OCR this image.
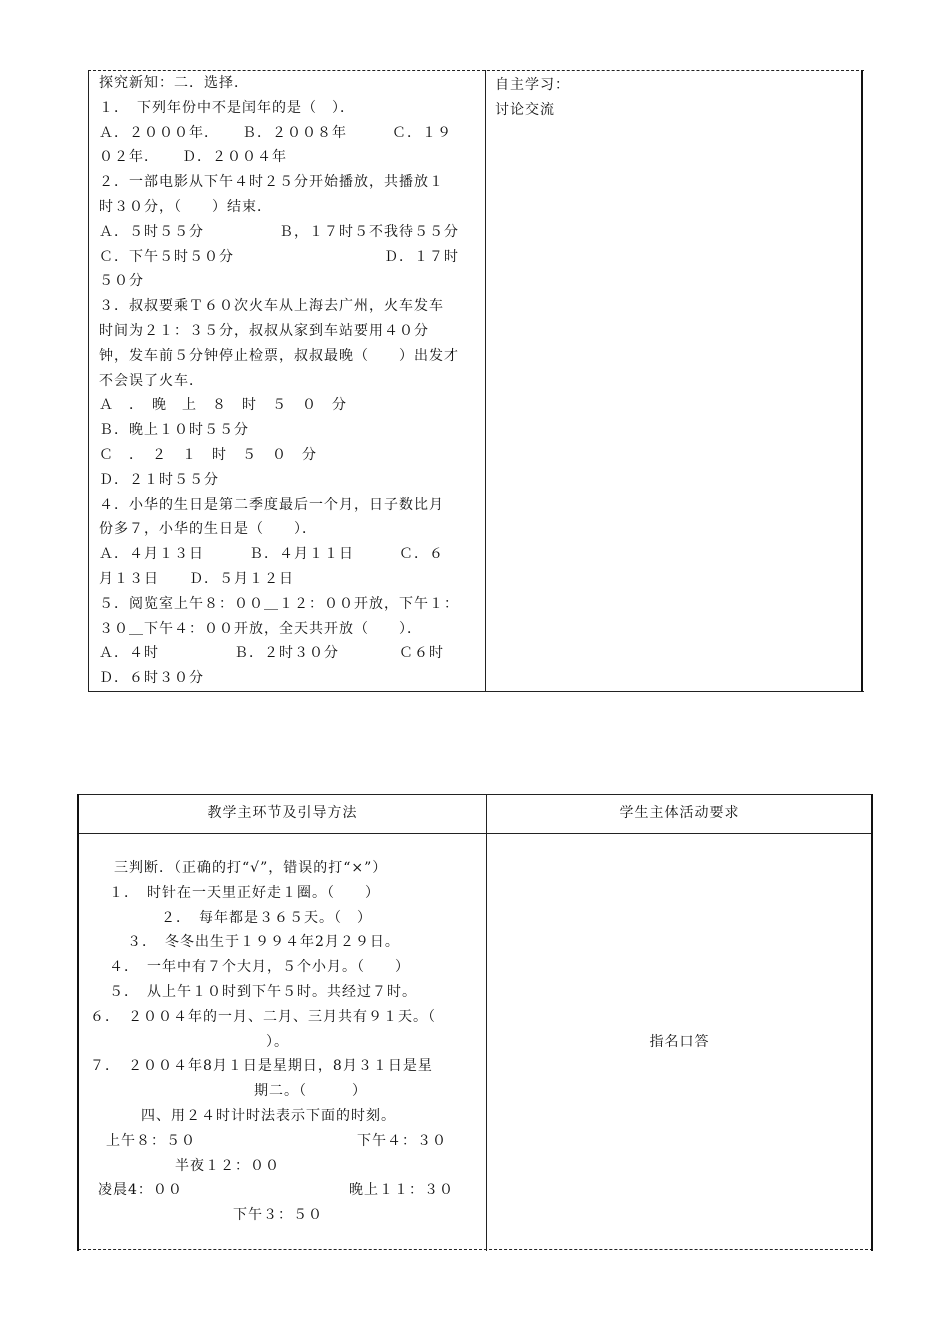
探究新知：二．选择．
１．　下列年份中不是闰年的是（　）．
Ａ．２０００年．　　Ｂ．２００８年　　　Ｃ．１９
０２年．　　Ｄ．２００４年
２．一部电影从下午４时２５分开始播放，共播放１
时３０分，（　　）结束．
Ａ．５时５５分　　　　　Ｂ，１７时５不我待５５分
Ｃ．下午５时５０分　　　　　　　　　　Ｄ．１７时
５０分
３．叔叔要乘Ｔ６０次火车从上海去广州，火车发车
时间为２１：３５分，叔叔从家到车站要用４０分
钟，发车前５分钟停止检票，叔叔最晚（　　）出发才
不会误了火车．
Ａ　．　晚　上　８　时　５　０　分
Ｂ．晚上１０时５５分
Ｃ　．　２　１　时　５　０　分
Ｄ．２１时５５分
４．小华的生日是第二季度最后一个月，日子数比月
份多７，小华的生日是（　　）．
Ａ．４月１３日　　　Ｂ．４月１１日　　　Ｃ．６
月１３日　　Ｄ．５月１２日
５．阅览室上午８：００＿１２：００开放，下午１：
３０＿下午４：００开放，全天共开放（　　）．
Ａ．４时　　　　　Ｂ．２时３０分　　　　Ｃ６时
Ｄ．６时３０分
自主学习：
讨论交流
教学主环节及引导方法	学生主体活动要求
指名口答
三判断．（正确的打“√”，错误的打“×”）
１．　时针在一天里正好走１圈。（　　）
２．　每年都是３６５天。（　）
３．　冬冬出生于１９９４年2月２９日。
４．　一年中有７个大月，５个小月。（　　）
５．　从上午１０时到下午５时。共经过７时。
６．　２００４年的一月、二月、三月共有９１天。（
）。
７．　２００４年8月１日是星期日，8月３１日是星
期二。（　　　）
四、用２４时计时法表示下面的时刻。
上午８：５０	下午４：３０
半夜１２：００
凌晨4：００	晚上１１：３０
下午３：５０
